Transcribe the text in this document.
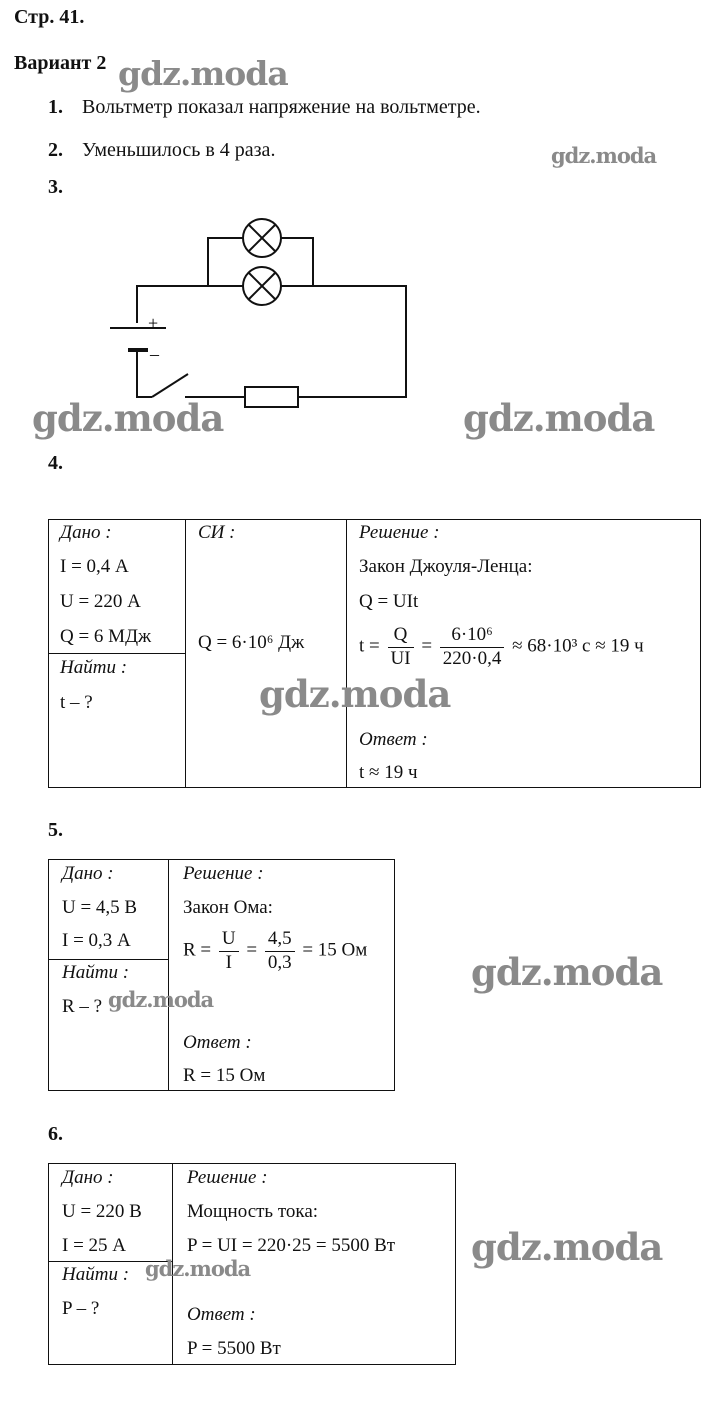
Стр. 41.
Вариант 2
1. Вольтметр показал напряжение на вольтметре.
2. Уменьшилось в 4 раза.
3.
+
–
4.
Дано :
I = 0,4 А
U = 220 А
Q = 6 МДж
Найти :
t – ?
СИ :
Q = 6·10⁶ Дж
Решение :
Закон Джоуля-Ленца:
Q = UIt
$t = \frac{Q}{UI} = \frac{\text{6·10⁶}}{220\cdot 0,4} \approx 68\cdot 10^3$ с ≈ 19 ч
Ответ :
t ≈ 19 ч
5.
Дано :
U = 4,5 В
I = 0,3 А
Найти :
R – ?
Решение :
Закон Ома:
$R = \frac{U}{I} = \frac{4,5}{0,3} = 15$ Ом
Ответ :
R = 15 Ом
6.
Дано :
U = 220 В
I = 25 А
Найти :
P – ?
Решение :
Мощность тока:
P = UI = 220·25 = 5500 Вт
Ответ :
P = 5500 Вт
gdz.moda
gdz.moda
gdz.moda	gdz.moda
gdz.moda
gdz.moda
gdz.moda
gdz.moda
gdz.moda
